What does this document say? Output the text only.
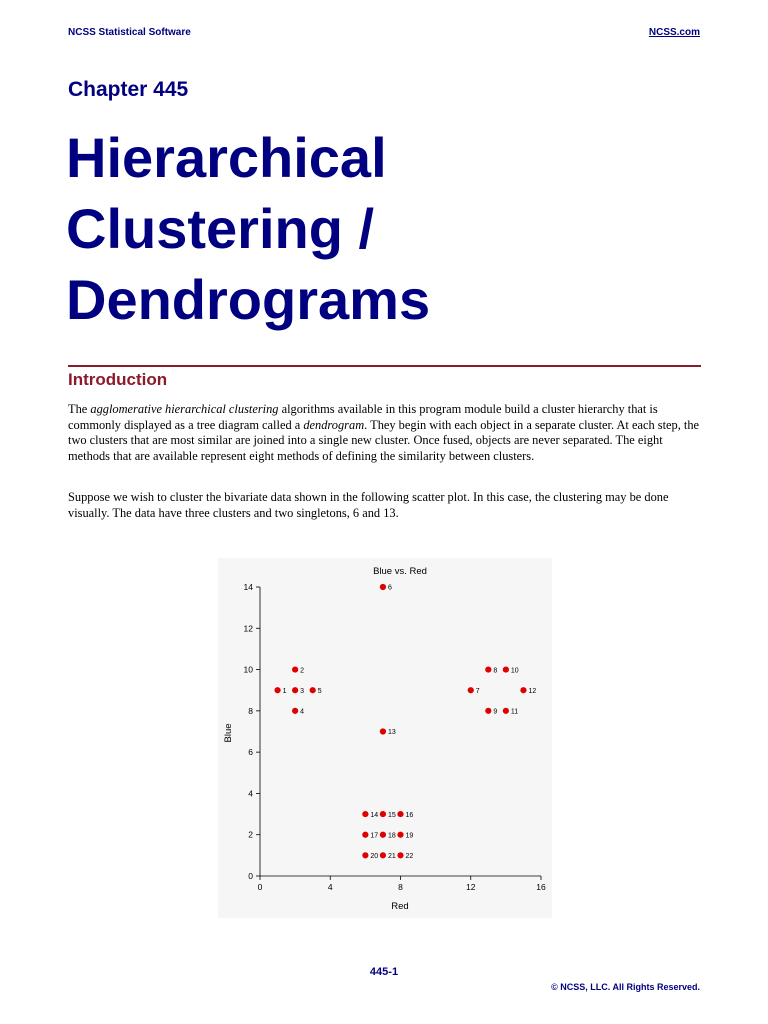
NCSS Statistical Software	NCSS.com
Chapter 445
Hierarchical
Clustering /
Dendrograms
Introduction

The agglomerative hierarchical clustering algorithms available in this program module build a cluster hierarchy that is commonly displayed as a tree diagram called a dendrogram. They begin with each object in a separate cluster. At each step, the two clusters that are most similar are joined into a single new cluster. Once fused, objects are never separated. The eight methods that are available represent eight methods of defining the similarity between clusters.

Suppose we wish to cluster the bivariate data shown in the following scatter plot. In this case, the clustering may be done visually. The data have three clusters and two singletons, 6 and 13.

Blue vs. Red
Red
Blue
0
2
4
6
8
10
12
14
0	4	8	12	16
1
2
3
4
5
6
7
8
9
10
11
12
13
14 15 16
17 18 19
20 21 22
445-1
© NCSS, LLC. All Rights Reserved.
